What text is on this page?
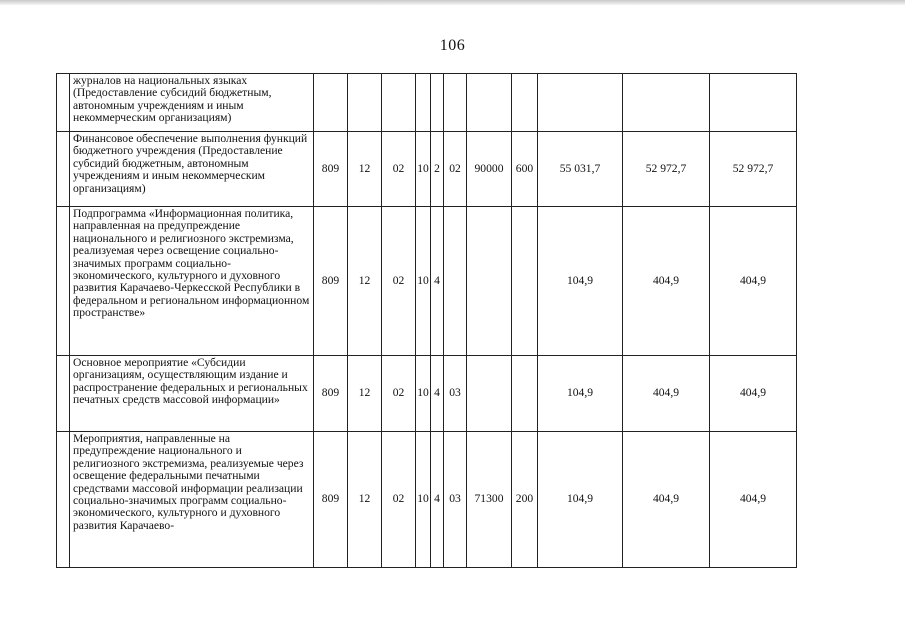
106
	журналов на национальных языках (Предоставление субсидий бюджетным, автономным учреждениям и иным некоммерческим организациям)											
	Финансовое обеспечение выполнения функций бюджетного учреждения (Предоставление субсидий бюджетным, автономным учреждениям и иным некоммерческим организациям)	809	12	02	10	2	02	90000	600	55 031,7	52 972,7	52 972,7
	Подпрограмма «Информационная политика, направленная на предупреждение национального и религиозного экстремизма, реализуемая через освещение социально-значимых программ социально-экономического, культурного и духовного развития Карачаево-Черкесской Республики в федеральном и региональном информационном пространстве»	809	12	02	10	4				104,9	404,9	404,9
	Основное мероприятие «Субсидии организациям, осуществляющим издание и распространение федеральных и региональных печатных средств массовой информации»	809	12	02	10	4	03			104,9	404,9	404,9
	Мероприятия, направленные на предупреждение национального и религиозного экстремизма, реализуемые через освещение федеральными печатными средствами массовой информации реализации социально-значимых программ социально-экономического, культурного и духовного развития Карачаево-	809	12	02	10	4	03	71300	200	104,9	404,9	404,9
